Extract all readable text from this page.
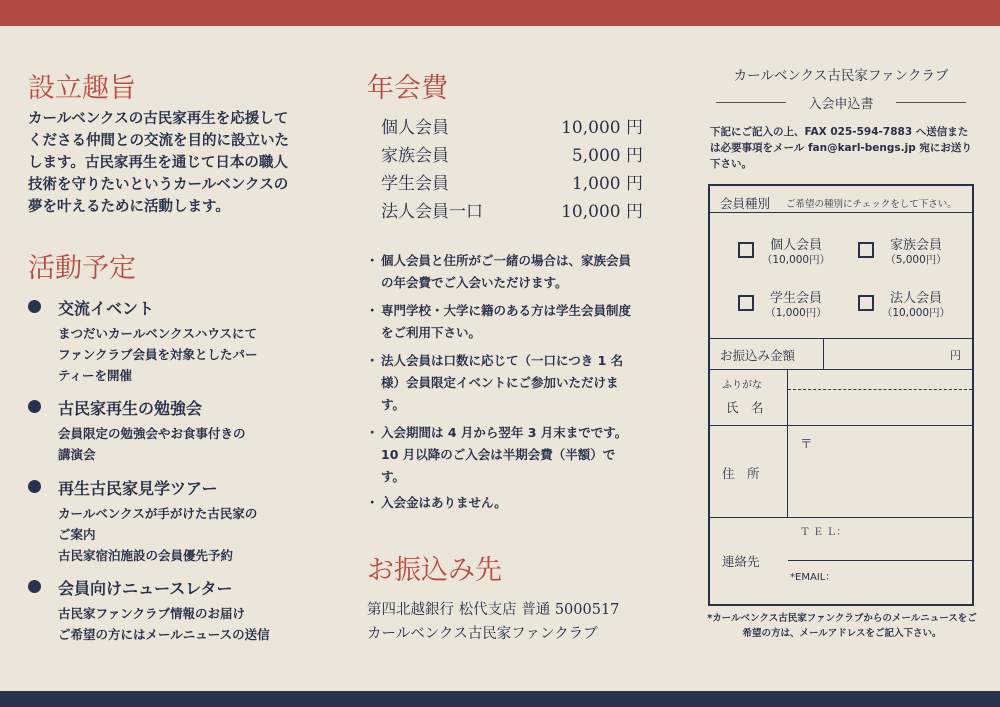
設立趣旨
カールベンクスの古民家再生を応援してくださる仲間との交流を目的に設立いたします。古民家再生を通じて日本の職人技術を守りたいというカールベンクスの夢を叶えるために活動します。
活動予定
交流イベント
まつだいカールベンクスハウスにて
ファンクラブ会員を対象としたパー
ティーを開催
古民家再生の勉強会
会員限定の勉強会やお食事付きの
講演会
再生古民家見学ツアー
カールベンクスが手がけた古民家の
ご案内
古民家宿泊施設の会員優先予約
会員向けニュースレター
古民家ファンクラブ情報のお届け
ご希望の方にはメールニュースの送信
年会費
個人会員	10,000 円
家族会員	5,000 円
学生会員	1,000 円
法人会員一口	10,000 円
・ 個人会員と住所がご一緒の場合は、家族会員の年会費でご入会いただけます。
・ 専門学校・大学に籍のある方は学生会員制度をご利用下さい。
・ 法人会員は口数に応じて（一口につき 1 名様）会員限定イベントにご参加いただけます。
・ 入会期間は 4 月から翌年 3 月末までです。10 月以降のご入会は半期会費（半額）です。
・ 入会金はありません。
お振込み先
第四北越銀行 松代支店 普通 5000517
カールベンクス古民家ファンクラブ
カールベンクス古民家ファンクラブ
入会申込書
下記にご記入の上、FAX 025-594-7883 へ送信または必要事項をメール fan@karl-bengs.jp 宛にお送り下さい。
会員種別 ご希望の種別にチェックをして下さい。
個人会員
（10,000円）
家族会員
（5,000円）
学生会員
（1,000円）
法人会員
（10,000円）
お振込み金額	円
ふりがな
氏　名
住　所
〒
連絡先
Ｔ Ｅ Ｌ：
*EMAIL：
*カールベンクス古民家ファンクラブからのメールニュースをご希望の方は、メールアドレスをご記入下さい。
